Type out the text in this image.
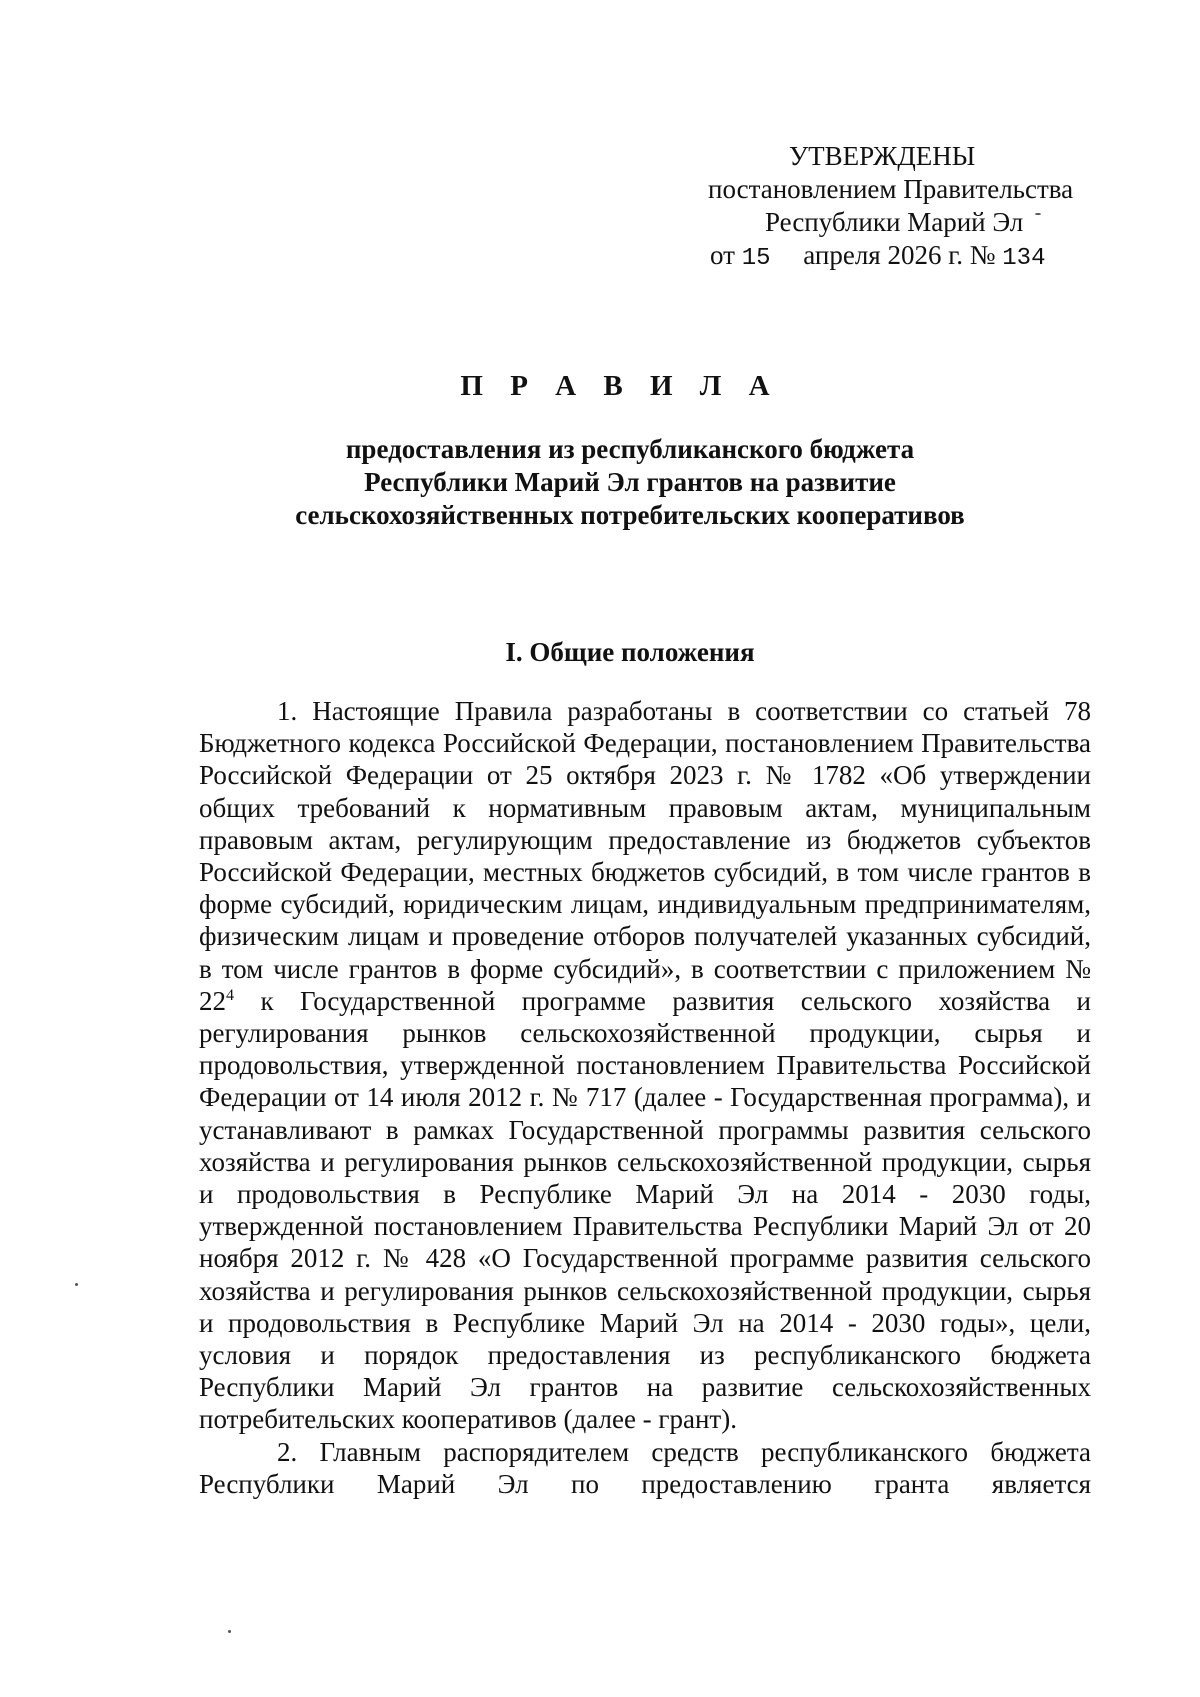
УТВЕРЖДЕНЫ
постановлением Правительства
Республики Марий Эл
от 15 апреля 2026 г. № 134
П Р А В И Л А
предоставления из республиканского бюджета
Республики Марий Эл грантов на развитие
сельскохозяйственных потребительских кооперативов
I. Общие положения

1. Настоящие Правила разработаны в соответствии со статьей 78 Бюджетного кодекса Российской Федерации, постановлением Правительства Российской Федерации от 25 октября 2023 г. № 1782 «Об утверждении общих требований к нормативным правовым актам, муниципальным правовым актам, регулирующим предоставление из бюджетов субъектов Российской Федерации, местных бюджетов субсидий, в том числе грантов в форме субсидий, юридическим лицам, индивидуальным предпринимателям, физическим лицам и проведение отборов получателей указанных субсидий, в том числе грантов в форме субсидий», в соответствии с приложением № $22^4$ к Государственной программе развития сельского хозяйства и регулирования рынков сельскохозяйственной продукции, сырья и продовольствия, утвержденной постановлением Правительства Российской Федерации от 14 июля 2012 г. № 717 (далее - Государственная программа), и устанавливают в рамках Государственной программы развития сельского хозяйства и регулирования рынков сельскохозяйственной продукции, сырья и продовольствия в Республике Марий Эл на 2014 - 2030 годы, утвержденной постановлением Правительства Республики Марий Эл от 20 ноября 2012 г. № 428 «О Государственной программе развития сельского хозяйства и регулирования рынков сельскохозяйственной продукции, сырья и продовольствия в Республике Марий Эл на 2014 - 2030 годы», цели, условия и порядок предоставления из республиканского бюджета Республики Марий Эл грантов на развитие сельскохозяйственных потребительских кооперативов (далее - грант).

2. Главным распорядителем средств республиканского бюджета Республики Марий Эл по предоставлению гранта является
